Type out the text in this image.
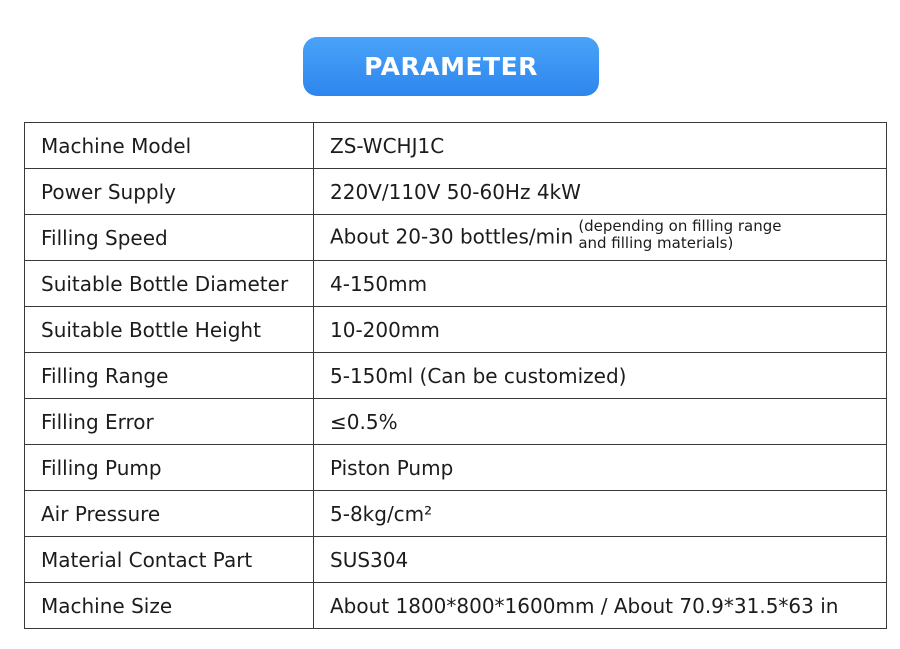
PARAMETER
Machine Model	ZS-WCHJ1C
Power Supply	220V/110V 50-60Hz 4kW
Filling Speed	About 20-30 bottles/min (depending on filling range
and filling materials)

Suitable Bottle Diameter	4-150mm
Suitable Bottle Height	10-200mm
Filling Range	5-150ml (Can be customized)
Filling Error	≤0.5%
Filling Pump	Piston Pump
Air Pressure	5-8kg/cm²
Material Contact Part	SUS304
Machine Size	About 1800*800*1600mm / About 70.9*31.5*63 in
